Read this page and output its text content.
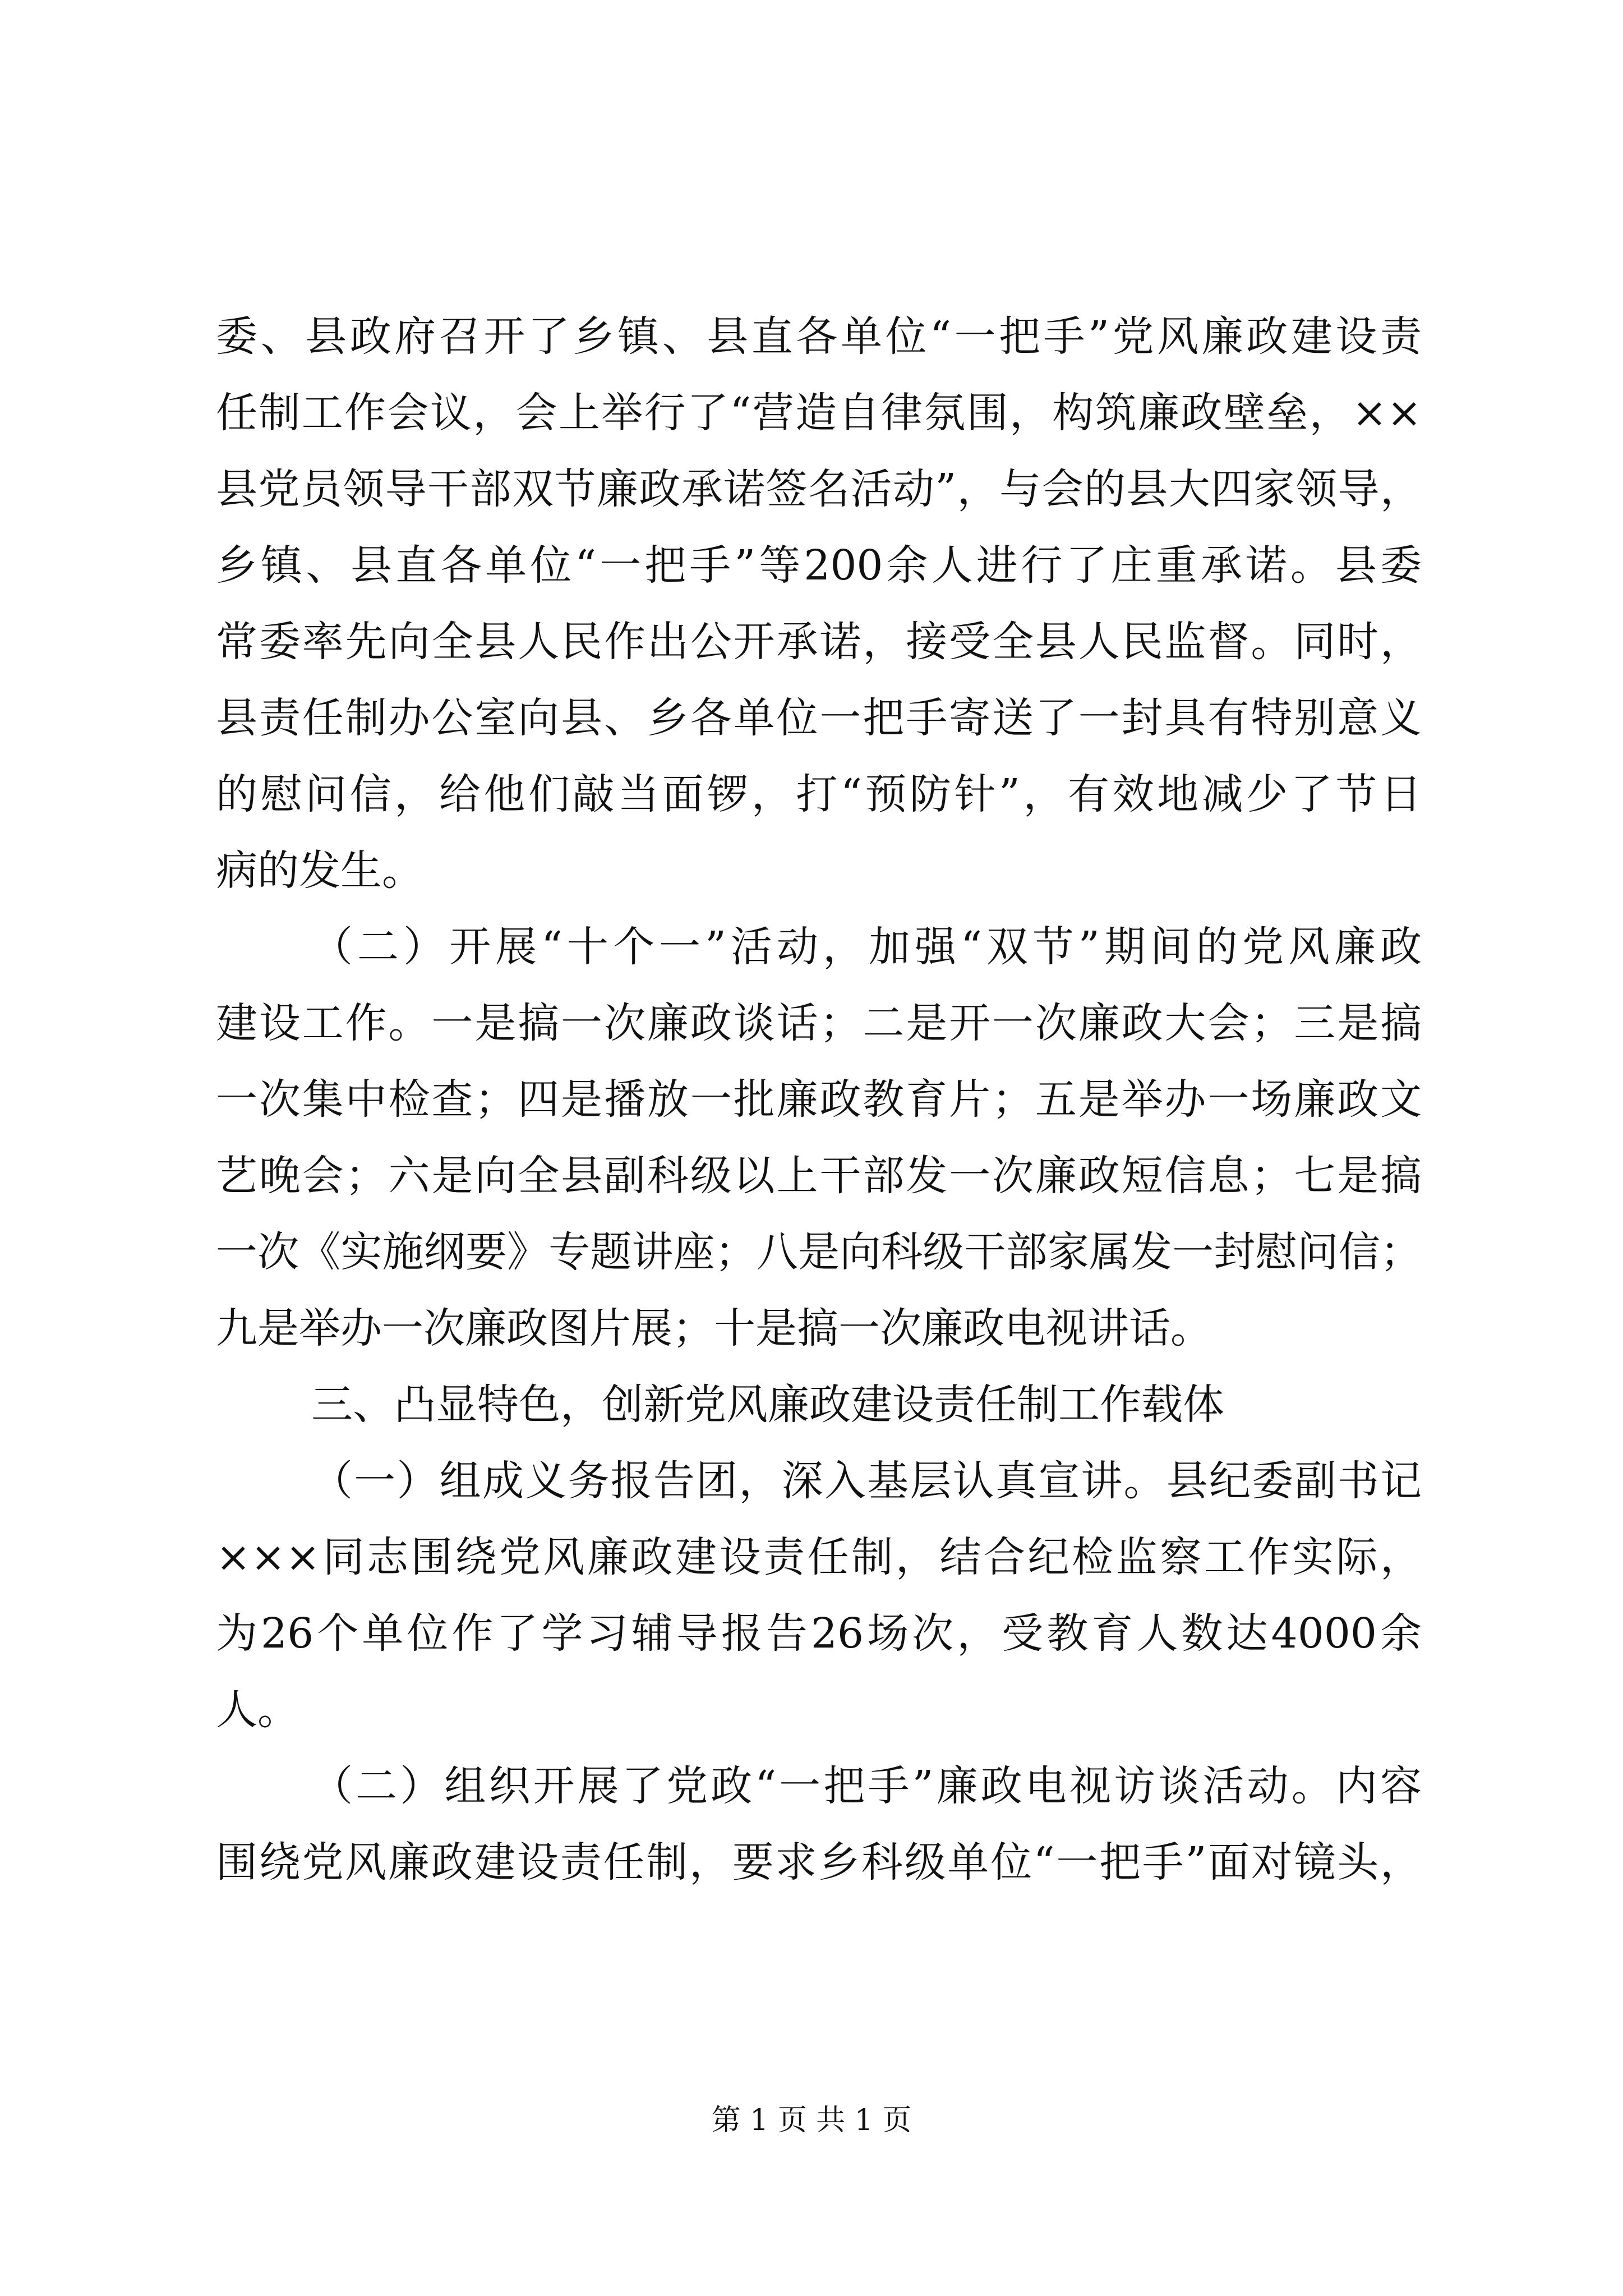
委、县政府召开了乡镇、县直各单位“一把手”党风廉政建设责
任制工作会议，会上举行了“营造自律氛围，构筑廉政壁垒，××
县党员领导干部双节廉政承诺签名活动”，与会的县大四家领导，
乡镇、县直各单位“一把手”等200余人进行了庄重承诺。县委
常委率先向全县人民作出公开承诺，接受全县人民监督。同时，
县责任制办公室向县、乡各单位一把手寄送了一封具有特别意义
的慰问信，给他们敲当面锣，打“预防针”，有效地减少了节日
病的发生。
（二）开展“十个一”活动，加强“双节”期间的党风廉政
建设工作。一是搞一次廉政谈话；二是开一次廉政大会；三是搞
一次集中检查；四是播放一批廉政教育片；五是举办一场廉政文
艺晚会；六是向全县副科级以上干部发一次廉政短信息；七是搞
一次《实施纲要》专题讲座；八是向科级干部家属发一封慰问信；
九是举办一次廉政图片展；十是搞一次廉政电视讲话。
三、凸显特色，创新党风廉政建设责任制工作载体
（一）组成义务报告团，深入基层认真宣讲。县纪委副书记
×××同志围绕党风廉政建设责任制，结合纪检监察工作实际，
为26个单位作了学习辅导报告26场次，受教育人数达4000余
人。
（二）组织开展了党政“一把手”廉政电视访谈活动。内容
围绕党风廉政建设责任制，要求乡科级单位“一把手”面对镜头，
第 1 页 共 1 页
